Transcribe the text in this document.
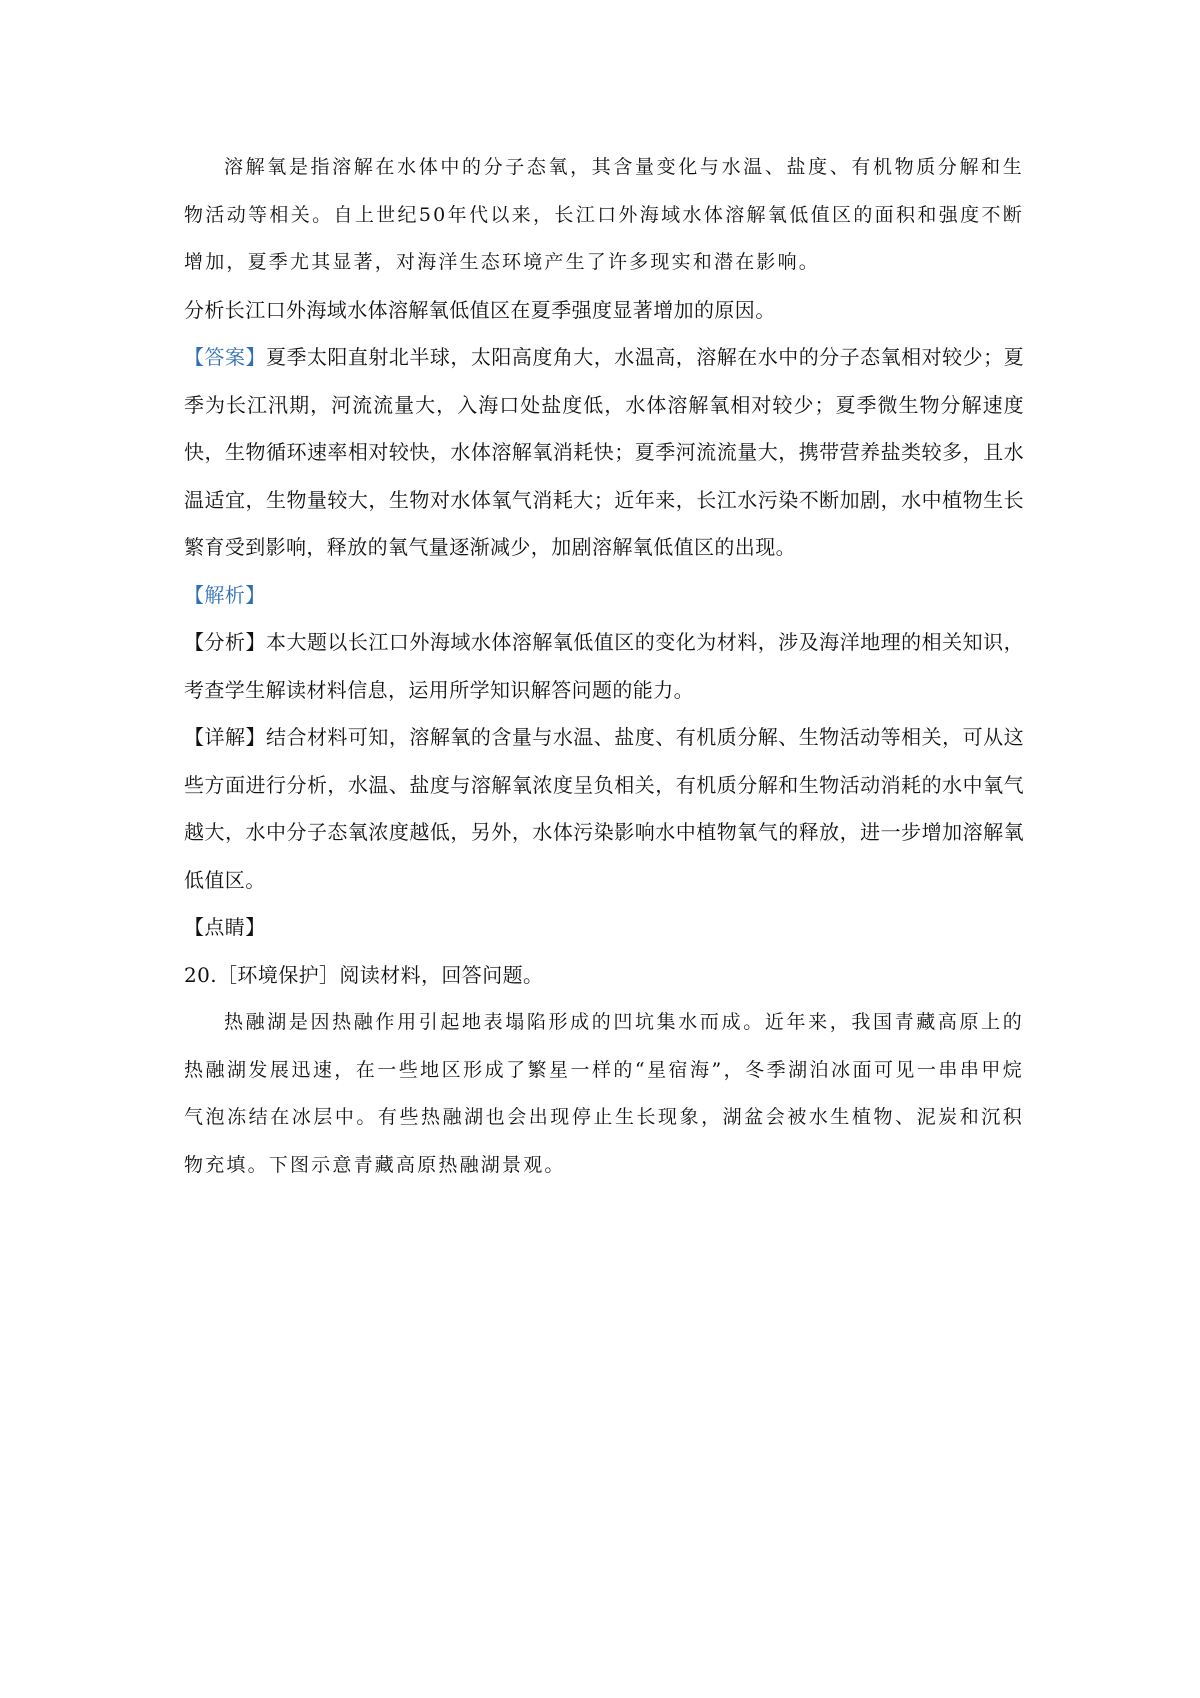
溶解氧是指溶解在水体中的分子态氧，其含量变化与水温、盐度、有机物质分解和生物活动等相关。自上世纪50年代以来，长江口外海域水体溶解氧低值区的面积和强度不断增加，夏季尤其显著，对海洋生态环境产生了许多现实和潜在影响。

分析长江口外海域水体溶解氧低值区在夏季强度显著增加的原因。

【答案】夏季太阳直射北半球，太阳高度角大，水温高，溶解在水中的分子态氧相对较少；夏季为长江汛期，河流流量大，入海口处盐度低，水体溶解氧相对较少；夏季微生物分解速度快，生物循环速率相对较快，水体溶解氧消耗快；夏季河流流量大，携带营养盐类较多，且水温适宜，生物量较大，生物对水体氧气消耗大；近年来，长江水污染不断加剧，水中植物生长繁育受到影响，释放的氧气量逐渐减少，加剧溶解氧低值区的出现。

【解析】

【分析】本大题以长江口外海域水体溶解氧低值区的变化为材料，涉及海洋地理的相关知识，考查学生解读材料信息，运用所学知识解答问题的能力。

【详解】结合材料可知，溶解氧的含量与水温、盐度、有机质分解、生物活动等相关，可从这些方面进行分析，水温、盐度与溶解氧浓度呈负相关，有机质分解和生物活动消耗的水中氧气越大，水中分子态氧浓度越低，另外，水体污染影响水中植物氧气的释放，进一步增加溶解氧低值区。

【点睛】

20.［环境保护］阅读材料，回答问题。

热融湖是因热融作用引起地表塌陷形成的凹坑集水而成。近年来，我国青藏高原上的热融湖发展迅速，在一些地区形成了繁星一样的“星宿海”，冬季湖泊冰面可见一串串甲烷气泡冻结在冰层中。有些热融湖也会出现停止生长现象，湖盆会被水生植物、泥炭和沉积物充填。下图示意青藏高原热融湖景观。
